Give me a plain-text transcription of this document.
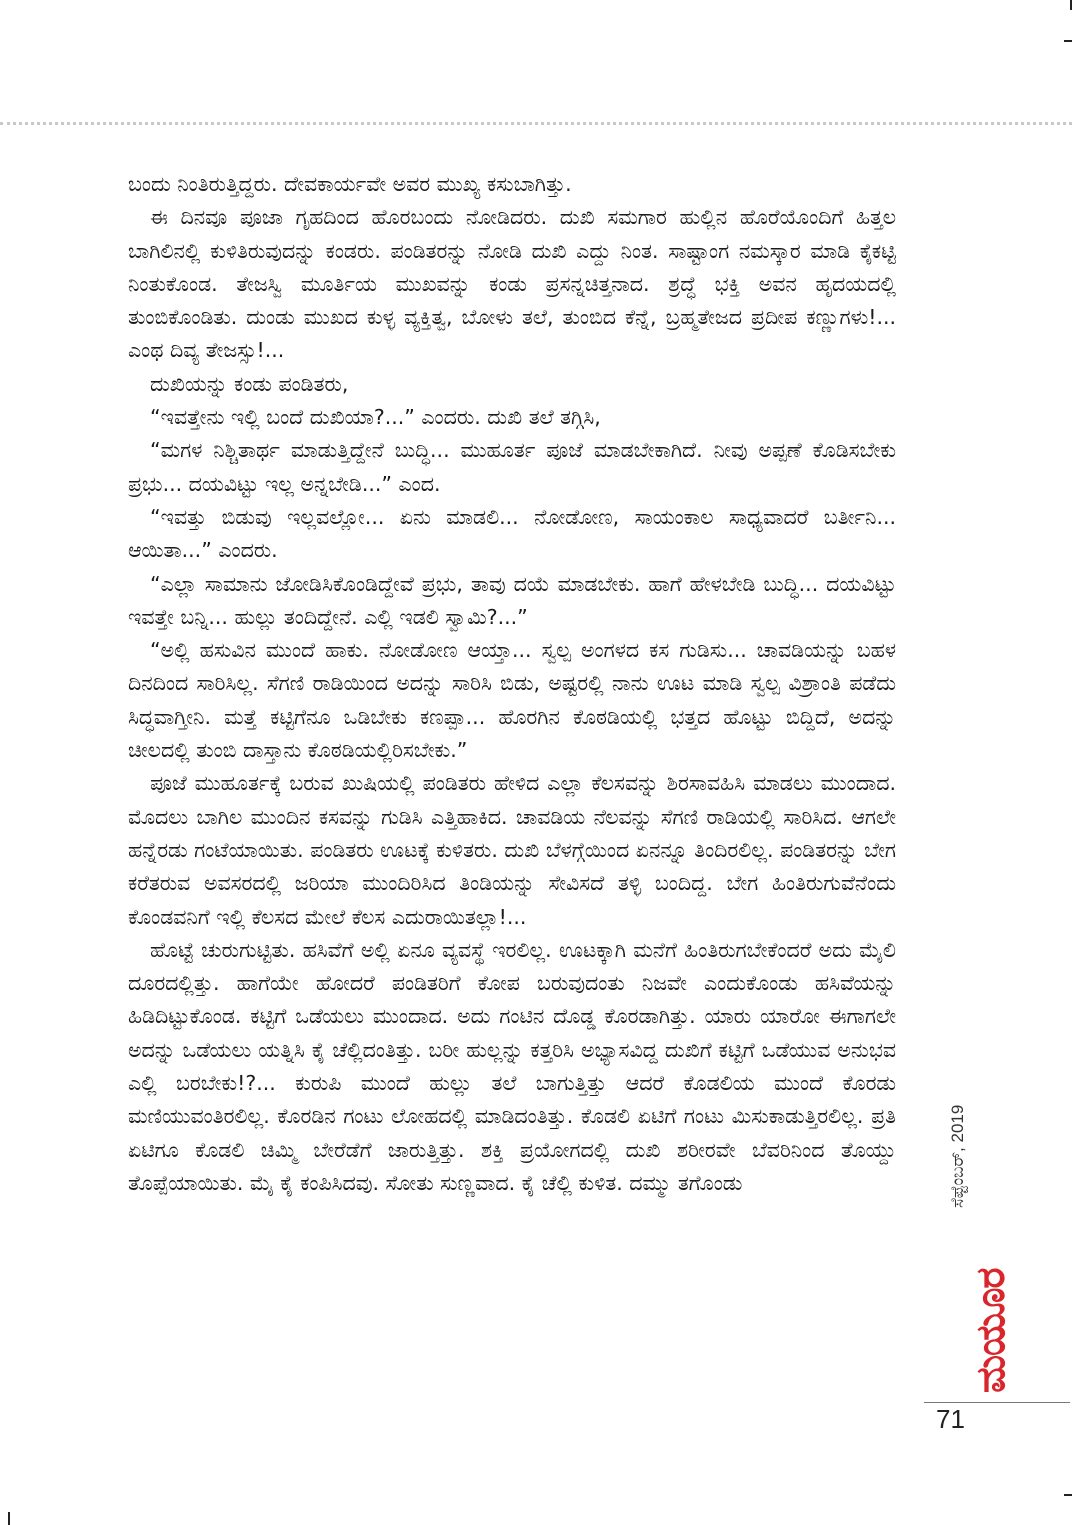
ಬಂದು ನಿಂತಿರುತ್ತಿದ್ದರು. ದೇವಕಾರ್ಯವೇ ಅವರ ಮುಖ್ಯ ಕಸುಬಾಗಿತ್ತು.

ಈ ದಿನವೂ ಪೂಜಾ ಗೃಹದಿಂದ ಹೊರಬಂದು ನೋಡಿದರು. ದುಖಿ ಸಮಗಾರ ಹುಲ್ಲಿನ ಹೊರೆಯೊಂದಿಗೆ ಹಿತ್ತಲ ಬಾಗಿಲಿನಲ್ಲಿ ಕುಳಿತಿರುವುದನ್ನು ಕಂಡರು. ಪಂಡಿತರನ್ನು ನೋಡಿ ದುಖಿ ಎದ್ದು ನಿಂತ. ಸಾಷ್ಟಾಂಗ ನಮಸ್ಕಾರ ಮಾಡಿ ಕೈಕಟ್ಟಿ ನಿಂತುಕೊಂಡ. ತೇಜಸ್ವಿ ಮೂರ್ತಿಯ ಮುಖವನ್ನು ಕಂಡು ಪ್ರಸನ್ನಚಿತ್ತನಾದ. ಶ್ರದ್ಧೆ ಭಕ್ತಿ ಅವನ ಹೃದಯದಲ್ಲಿ ತುಂಬಿಕೊಂಡಿತು. ದುಂಡು ಮುಖದ ಕುಳ್ಳ ವ್ಯಕ್ತಿತ್ವ, ಬೋಳು ತಲೆ, ತುಂಬಿದ ಕೆನ್ನೆ, ಬ್ರಹ್ಮತೇಜದ ಪ್ರದೀಪ ಕಣ್ಣುಗಳು!... ಎಂಥ ದಿವ್ಯ ತೇಜಸ್ಸು!...

ದುಖಿಯನ್ನು ಕಂಡು ಪಂಡಿತರು,

“ಇವತ್ತೇನು ಇಲ್ಲಿ ಬಂದೆ ದುಖಿಯಾ?...” ಎಂದರು. ದುಖಿ ತಲೆ ತಗ್ಗಿಸಿ,

“ಮಗಳ ನಿಶ್ಚಿತಾರ್ಥ ಮಾಡುತ್ತಿದ್ದೇನೆ ಬುದ್ಧಿ... ಮುಹೂರ್ತ ಪೂಜೆ ಮಾಡಬೇಕಾಗಿದೆ. ನೀವು ಅಪ್ಪಣೆ ಕೊಡಿಸಬೇಕು ಪ್ರಭು... ದಯವಿಟ್ಟು ಇಲ್ಲ ಅನ್ನಬೇಡಿ...” ಎಂದ.

“ಇವತ್ತು ಬಿಡುವು ಇಲ್ಲವಲ್ಲೋ... ಏನು ಮಾಡಲಿ... ನೋಡೋಣ, ಸಾಯಂಕಾಲ ಸಾಧ್ಯವಾದರೆ ಬರ್ತೀನಿ... ಆಯಿತಾ...” ಎಂದರು.

“ಎಲ್ಲಾ ಸಾಮಾನು ಜೋಡಿಸಿಕೊಂಡಿದ್ದೇವೆ ಪ್ರಭು, ತಾವು ದಯೆ ಮಾಡಬೇಕು. ಹಾಗೆ ಹೇಳಬೇಡಿ ಬುದ್ಧಿ... ದಯವಿಟ್ಟು ಇವತ್ತೇ ಬನ್ನಿ... ಹುಲ್ಲು ತಂದಿದ್ದೇನೆ. ಎಲ್ಲಿ ಇಡಲಿ ಸ್ವಾಮಿ?...”

“ಅಲ್ಲಿ ಹಸುವಿನ ಮುಂದೆ ಹಾಕು. ನೋಡೋಣ ಆಯ್ತಾ... ಸ್ವಲ್ಪ ಅಂಗಳದ ಕಸ ಗುಡಿಸು... ಚಾವಡಿಯನ್ನು ಬಹಳ ದಿನದಿಂದ ಸಾರಿಸಿಲ್ಲ. ಸೆಗಣಿ ರಾಡಿಯಿಂದ ಅದನ್ನು ಸಾರಿಸಿ ಬಿಡು, ಅಷ್ಟರಲ್ಲಿ ನಾನು ಊಟ ಮಾಡಿ ಸ್ವಲ್ಪ ವಿಶ್ರಾಂತಿ ಪಡೆದು ಸಿದ್ಧವಾಗ್ತೀನಿ. ಮತ್ತೆ ಕಟ್ಟಿಗೆನೂ ಒಡಿಬೇಕು ಕಣಪ್ಪಾ... ಹೊರಗಿನ ಕೊಠಡಿಯಲ್ಲಿ ಭತ್ತದ ಹೊಟ್ಟು ಬಿದ್ದಿದೆ, ಅದನ್ನು ಚೀಲದಲ್ಲಿ ತುಂಬಿ ದಾಸ್ತಾನು ಕೊಠಡಿಯಲ್ಲಿರಿಸಬೇಕು.”

ಪೂಜೆ ಮುಹೂರ್ತಕ್ಕೆ ಬರುವ ಖುಷಿಯಲ್ಲಿ ಪಂಡಿತರು ಹೇಳಿದ ಎಲ್ಲಾ ಕೆಲಸವನ್ನು ಶಿರಸಾವಹಿಸಿ ಮಾಡಲು ಮುಂದಾದ. ಮೊದಲು ಬಾಗಿಲ ಮುಂದಿನ ಕಸವನ್ನು ಗುಡಿಸಿ ಎತ್ತಿಹಾಕಿದ. ಚಾವಡಿಯ ನೆಲವನ್ನು ಸೆಗಣಿ ರಾಡಿಯಲ್ಲಿ ಸಾರಿಸಿದ. ಆಗಲೇ ಹನ್ನೆರಡು ಗಂಟೆಯಾಯಿತು. ಪಂಡಿತರು ಊಟಕ್ಕೆ ಕುಳಿತರು. ದುಖಿ ಬೆಳಗ್ಗೆಯಿಂದ ಏನನ್ನೂ ತಿಂದಿರಲಿಲ್ಲ. ಪಂಡಿತರನ್ನು ಬೇಗ ಕರೆತರುವ ಅವಸರದಲ್ಲಿ ಜರಿಯಾ ಮುಂದಿರಿಸಿದ ತಿಂಡಿಯನ್ನು ಸೇವಿಸದೆ ತಳ್ಳಿ ಬಂದಿದ್ದ. ಬೇಗ ಹಿಂತಿರುಗುವೆನೆಂದು ಕೊಂಡವನಿಗೆ ಇಲ್ಲಿ ಕೆಲಸದ ಮೇಲೆ ಕೆಲಸ ಎದುರಾಯಿತಲ್ಲಾ!...

ಹೊಟ್ಟೆ ಚುರುಗುಟ್ಟಿತು. ಹಸಿವೆಗೆ ಅಲ್ಲಿ ಏನೂ ವ್ಯವಸ್ಥೆ ಇರಲಿಲ್ಲ. ಊಟಕ್ಕಾಗಿ ಮನೆಗೆ ಹಿಂತಿರುಗಬೇಕೆಂದರೆ ಅದು ಮೈಲಿ ದೂರದಲ್ಲಿತ್ತು. ಹಾಗೆಯೇ ಹೋದರೆ ಪಂಡಿತರಿಗೆ ಕೋಪ ಬರುವುದಂತು ನಿಜವೇ ಎಂದುಕೊಂಡು ಹಸಿವೆಯನ್ನು ಹಿಡಿದಿಟ್ಟುಕೊಂಡ. ಕಟ್ಟಿಗೆ ಒಡೆಯಲು ಮುಂದಾದ. ಅದು ಗಂಟಿನ ದೊಡ್ಡ ಕೊರಡಾಗಿತ್ತು. ಯಾರು ಯಾರೋ ಈಗಾಗಲೇ ಅದನ್ನು ಒಡೆಯಲು ಯತ್ನಿಸಿ ಕೈ ಚೆಲ್ಲಿದಂತಿತ್ತು. ಬರೀ ಹುಲ್ಲನ್ನು ಕತ್ತರಿಸಿ ಅಭ್ಯಾಸವಿದ್ದ ದುಖಿಗೆ ಕಟ್ಟಿಗೆ ಒಡೆಯುವ ಅನುಭವ ಎಲ್ಲಿ ಬರಬೇಕು!?... ಕುರುಪಿ ಮುಂದೆ ಹುಲ್ಲು ತಲೆ ಬಾಗುತ್ತಿತ್ತು ಆದರೆ ಕೊಡಲಿಯ ಮುಂದೆ ಕೊರಡು ಮಣಿಯುವಂತಿರಲಿಲ್ಲ. ಕೊರಡಿನ ಗಂಟು ಲೋಹದಲ್ಲಿ ಮಾಡಿದಂತಿತ್ತು. ಕೊಡಲಿ ಏಟಿಗೆ ಗಂಟು ಮಿಸುಕಾಡುತ್ತಿರಲಿಲ್ಲ. ಪ್ರತಿ ಏಟಿಗೂ ಕೊಡಲಿ ಚಿಮ್ಮಿ ಬೇರೆಡೆಗೆ ಜಾರುತ್ತಿತ್ತು. ಶಕ್ತಿ ಪ್ರಯೋಗದಲ್ಲಿ ದುಖಿ ಶರೀರವೇ ಬೆವರಿನಿಂದ ತೊಯ್ದು ತೊಪ್ಪೆಯಾಯಿತು. ಮೈ ಕೈ ಕಂಪಿಸಿದವು. ಸೋತು ಸುಣ್ಣವಾದ. ಕೈ ಚೆಲ್ಲಿ ಕುಳಿತ. ದಮ್ಮು ತಗೊಂಡು	ಸೆಪ್ಟೆಂಬರ್, 2019
ಮಯೂರ
71
